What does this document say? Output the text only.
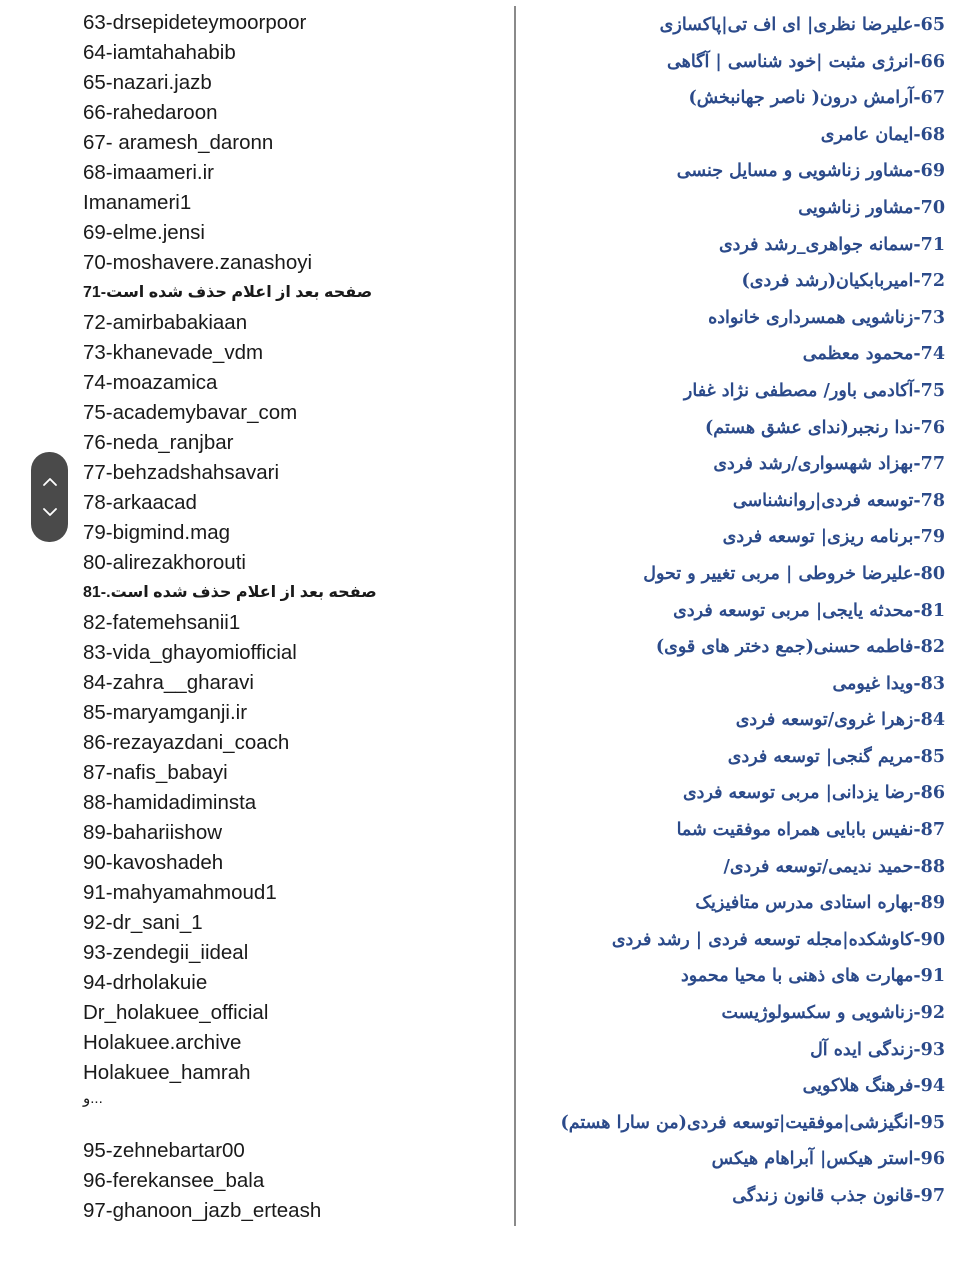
63-drsepideteymoorpoor
64-iamtahahabib
65-nazari.jazb
66-rahedaroon
67- aramesh_daronn
68-imaameri.ir
Imanameri1
69-elme.jensi
70-moshavere.zanashoyi
71-صفحه بعد از اعلام حذف شده است
72-amirbabakiaan
73-khanevade_vdm
74-moazamica
75-academybavar_com
76-neda_ranjbar
77-behzadshahsavari
78-arkaacad
79-bigmind.mag
80-alirezakhorouti
81-.صفحه بعد از اعلام حذف شده است
82-fatemehsanii1
83-vida_ghayomiofficial
84-zahra__gharavi
85-maryamganji.ir
86-rezayazdani_coach
87-nafis_babayi
88-hamidadiminsta
89-bahariishow
90-kavoshadeh
91-mahyamahmoud1
92-dr_sani_1
93-zendegii_iideal
94-drholakuie
Dr_holakuee_official
Holakuee.archive
Holakuee_hamrah
و...
95-zehnebartar00
96-ferekansee_bala
97-ghanoon_jazb_erteash
65-علیرضا نظری| ای اف تی|پاکسازی
66-انرژی مثبت |خود شناسی | آگاهی
67-آرامش درون( ناصر جهانبخش)
68-ایمان عامری
69-مشاور زناشویی و مسایل جنسی
70-مشاور زناشویی
71-سمانه جواهری_رشد فردی
72-امیربابکیان(رشد فردی)
73-زناشویی همسرداری خانواده
74-محمود معظمی
75-آکادمی باور/ مصطفی نژاد غفار
76-ندا رنجبر(ندای عشق هستم)
77-بهزاد شهسواری/رشد فردی
78-توسعه فردی|روانشناسی
79-برنامه ریزی| توسعه فردی
80-علیرضا خروطی | مربی تغییر و تحول
81-محدثه یایجی| مربی توسعه فردی
82-فاطمه حسنی(جمع دختر های قوی)
83-ویدا غیومی
84-زهرا غروی/توسعه فردی
85-مریم گنجی| توسعه فردی
86-رضا یزدانی| مربی توسعه فردی
87-نفیس بابایی همراه موفقیت شما
88-حمید ندیمی/توسعه فردی/
89-بهاره استادی مدرس متافیزیک
90-کاوشکده|مجله توسعه فردی | رشد فردی
91-مهارت های ذهنی با محیا محمود
92-زناشویی و سکسولوژیست
93-زندگی ایده آل
94-فرهنگ هلاکویی
95-انگیزشی|موفقیت|توسعه فردی(من سارا هستم)
96-استر هیکس| آبراهام هیکس
97-قانون جذب قانون زندگی
